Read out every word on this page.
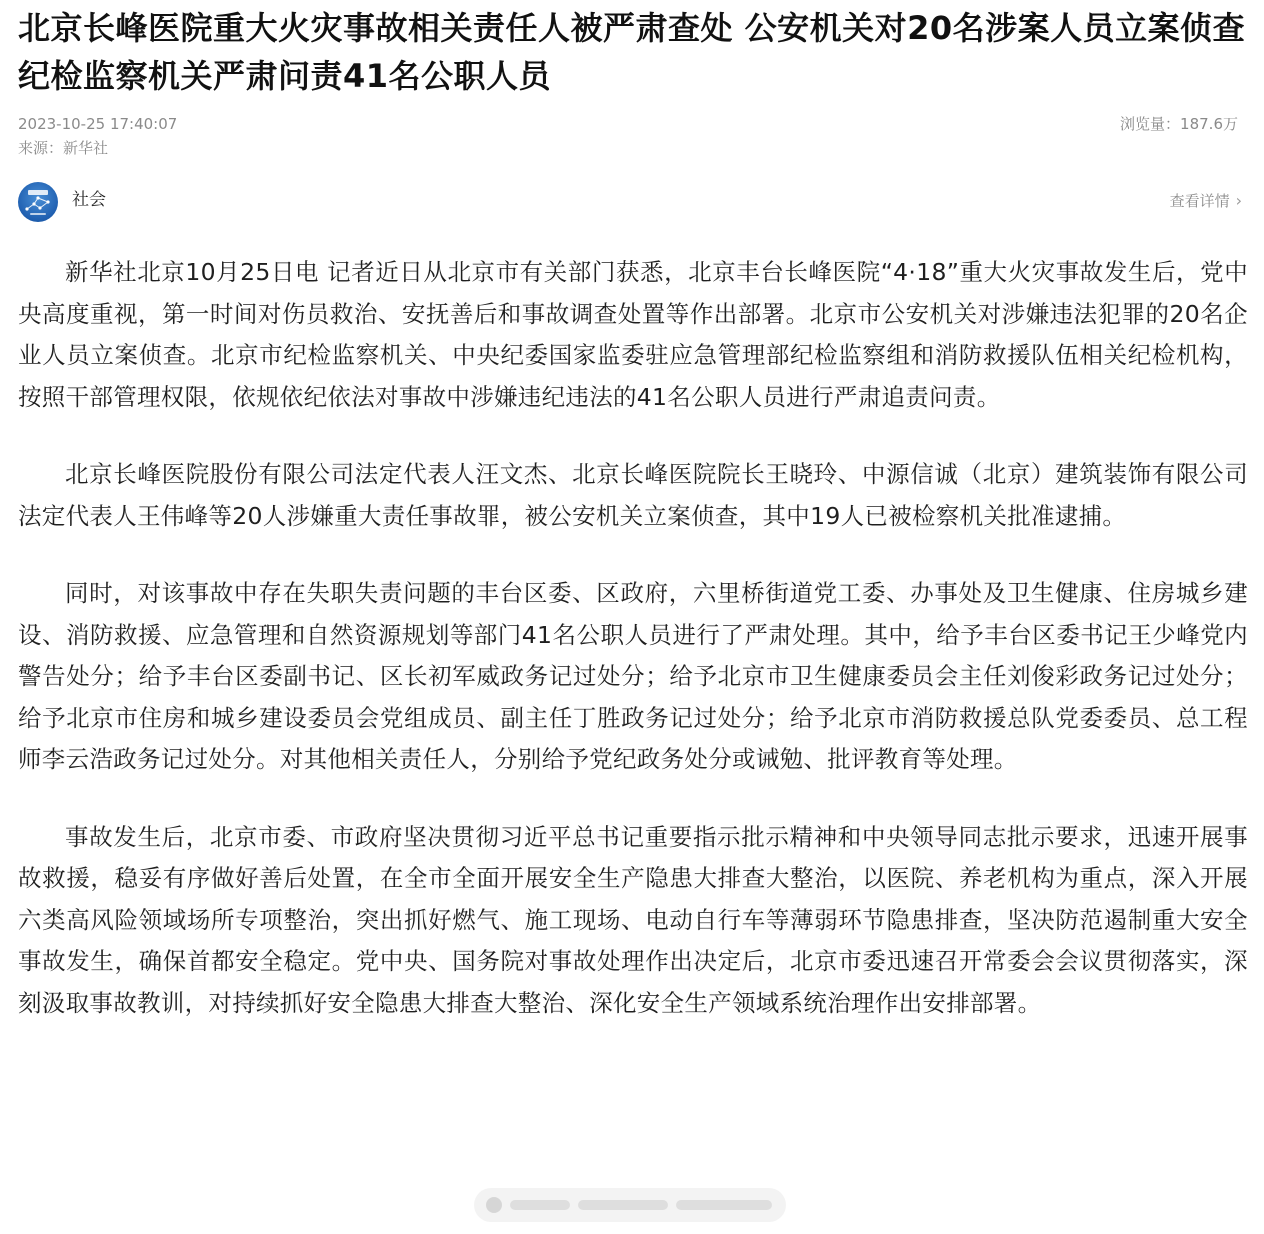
北京长峰医院重大火灾事故相关责任人被严肃查处 公安机关对20名涉案人员立案侦查 纪检监察机关严肃问责41名公职人员
2023-10-25 17:40:07	浏览量：187.6万
来源：新华社
社会	查看详情 ›

新华社北京10月25日电 记者近日从北京市有关部门获悉，北京丰台长峰医院“4·18”重大火灾事故发生后，党中央高度重视，第一时间对伤员救治、安抚善后和事故调查处置等作出部署。北京市公安机关对涉嫌违法犯罪的20名企业人员立案侦查。北京市纪检监察机关、中央纪委国家监委驻应急管理部纪检监察组和消防救援队伍相关纪检机构，按照干部管理权限，依规依纪依法对事故中涉嫌违纪违法的41名公职人员进行严肃追责问责。

北京长峰医院股份有限公司法定代表人汪文杰、北京长峰医院院长王晓玲、中源信诚（北京）建筑装饰有限公司法定代表人王伟峰等20人涉嫌重大责任事故罪，被公安机关立案侦查，其中19人已被检察机关批准逮捕。

同时，对该事故中存在失职失责问题的丰台区委、区政府，六里桥街道党工委、办事处及卫生健康、住房城乡建设、消防救援、应急管理和自然资源规划等部门41名公职人员进行了严肃处理。其中，给予丰台区委书记王少峰党内警告处分；给予丰台区委副书记、区长初军威政务记过处分；给予北京市卫生健康委员会主任刘俊彩政务记过处分；给予北京市住房和城乡建设委员会党组成员、副主任丁胜政务记过处分；给予北京市消防救援总队党委委员、总工程师李云浩政务记过处分。对其他相关责任人，分别给予党纪政务处分或诫勉、批评教育等处理。

事故发生后，北京市委、市政府坚决贯彻习近平总书记重要指示批示精神和中央领导同志批示要求，迅速开展事故救援，稳妥有序做好善后处置，在全市全面开展安全生产隐患大排查大整治，以医院、养老机构为重点，深入开展六类高风险领域场所专项整治，突出抓好燃气、施工现场、电动自行车等薄弱环节隐患排查，坚决防范遏制重大安全事故发生，确保首都安全稳定。党中央、国务院对事故处理作出决定后，北京市委迅速召开常委会会议贯彻落实，深刻汲取事故教训，对持续抓好安全隐患大排查大整治、深化安全生产领域系统治理作出安排部署。
